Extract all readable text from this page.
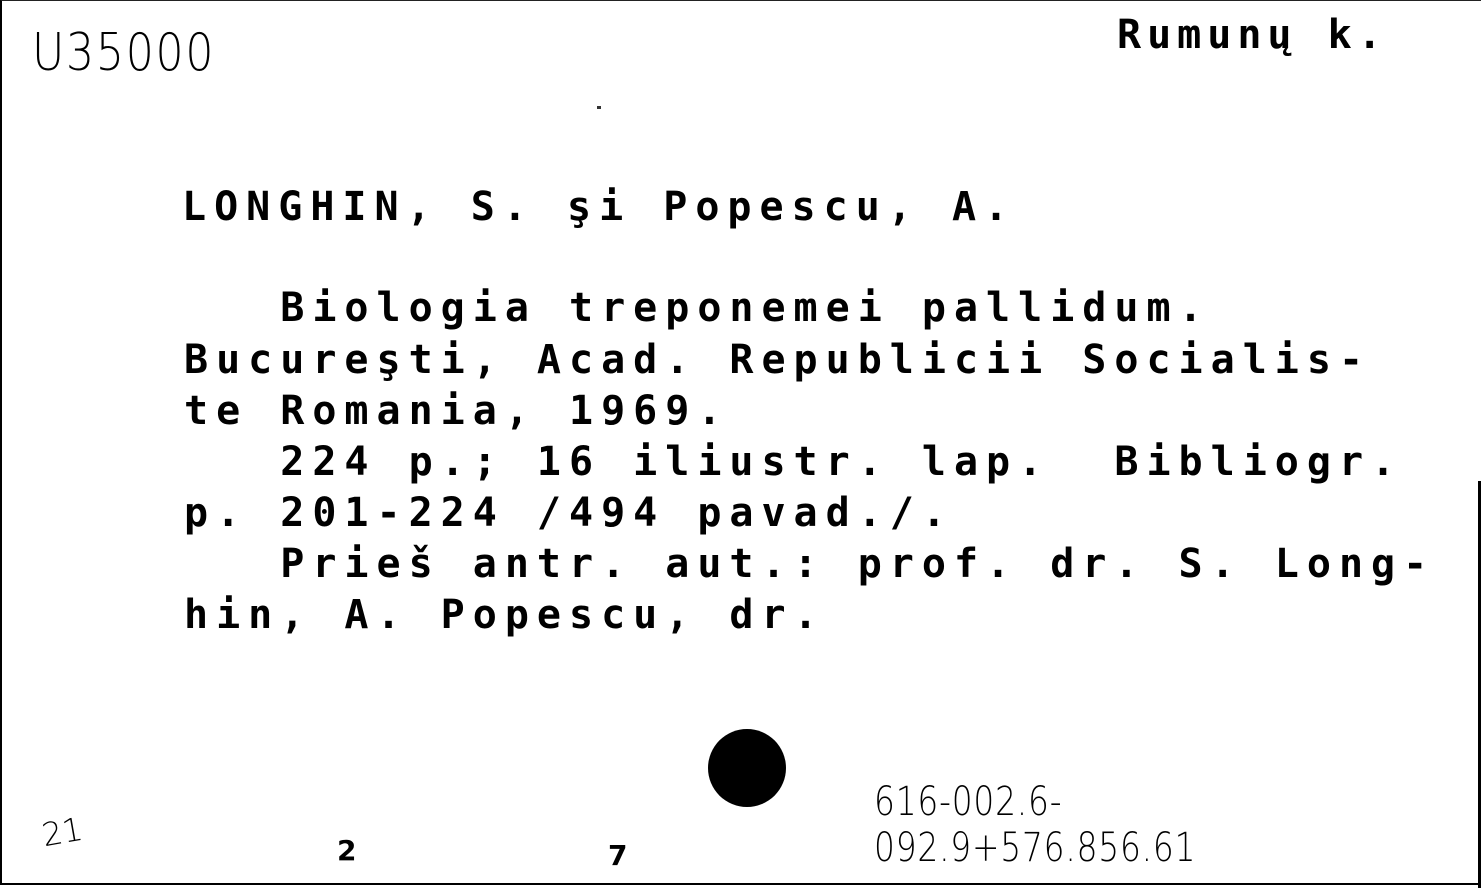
U35000	Rumunų k.
LONGHIN, S. şi Popescu, A.
Biologia treponemei pallidum.
Bucureşti, Acad. Republicii Socialis-
te Romania, 1969.
224 p.; 16 iliustr. lap.  Bibliogr.
p. 201-224 /494 pavad./.
Prieš antr. aut.: prof. dr. S. Long-
hin, A. Popescu, dr.
616-002.6-092.9+576.856.61
21	2	7
